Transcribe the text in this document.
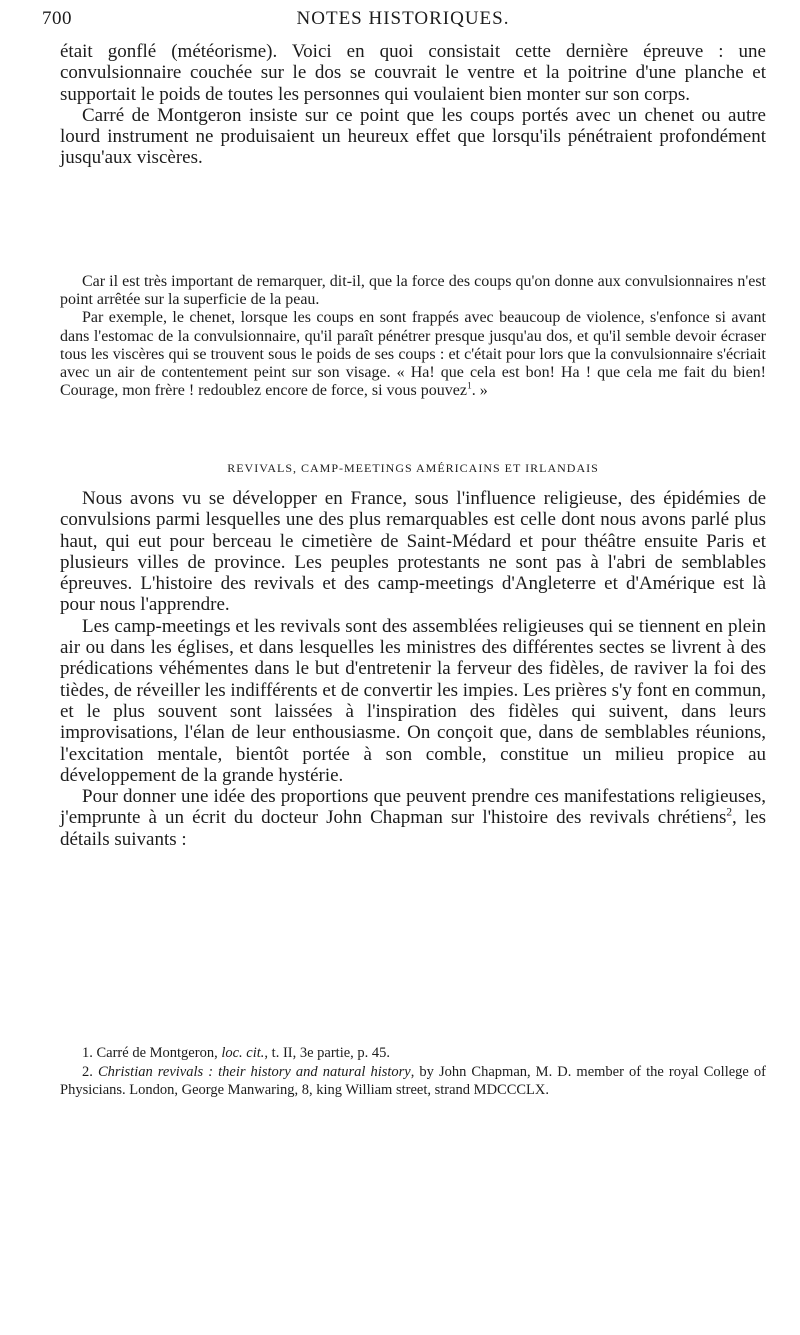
700	NOTES HISTORIQUES.

était gonflé (météorisme). Voici en quoi consistait cette dernière épreuve : une convulsionnaire couchée sur le dos se couvrait le ventre et la poitrine d'une planche et supportait le poids de toutes les personnes qui voulaient bien monter sur son corps.

Carré de Montgeron insiste sur ce point que les coups portés avec un chenet ou autre lourd instrument ne produisaient un heureux effet que lorsqu'ils pénétraient profondément jusqu'aux viscères.

Car il est très important de remarquer, dit-il, que la force des coups qu'on donne aux convulsionnaires n'est point arrêtée sur la superficie de la peau.

Par exemple, le chenet, lorsque les coups en sont frappés avec beaucoup de violence, s'enfonce si avant dans l'estomac de la convulsionnaire, qu'il paraît pénétrer presque jusqu'au dos, et qu'il semble devoir écraser tous les viscères qui se trouvent sous le poids de ses coups : et c'était pour lors que la convulsionnaire s'écriait avec un air de contentement peint sur son visage. « Ha! que cela est bon! Ha ! que cela me fait du bien! Courage, mon frère ! redoublez encore de force, si vous pouvez$^1$. »

REVIVALS, CAMP-MEETINGS AMÉRICAINS ET IRLANDAIS

Nous avons vu se développer en France, sous l'influence religieuse, des épidémies de convulsions parmi lesquelles une des plus remarquables est celle dont nous avons parlé plus haut, qui eut pour berceau le cimetière de Saint-Médard et pour théâtre ensuite Paris et plusieurs villes de province. Les peuples protestants ne sont pas à l'abri de semblables épreuves. L'histoire des revivals et des camp-meetings d'Angleterre et d'Amérique est là pour nous l'apprendre.

Les camp-meetings et les revivals sont des assemblées religieuses qui se tiennent en plein air ou dans les églises, et dans lesquelles les ministres des différentes sectes se livrent à des prédications véhémentes dans le but d'entretenir la ferveur des fidèles, de raviver la foi des tièdes, de réveiller les indifférents et de convertir les impies. Les prières s'y font en commun, et le plus souvent sont laissées à l'inspiration des fidèles qui suivent, dans leurs improvisations, l'élan de leur enthousiasme. On conçoit que, dans de semblables réunions, l'excitation mentale, bientôt portée à son comble, constitue un milieu propice au développement de la grande hystérie.

Pour donner une idée des proportions que peuvent prendre ces manifestations religieuses, j'emprunte à un écrit du docteur John Chapman sur l'histoire des revivals chrétiens$^2$, les détails suivants :

1. Carré de Montgeron, loc. cit., t. II, 3e partie, p. 45.

2. Christian revivals : their history and natural history, by John Chapman, M. D. member of the royal College of Physicians. London, George Manwaring, 8, king William street, strand MDCCCLX.
